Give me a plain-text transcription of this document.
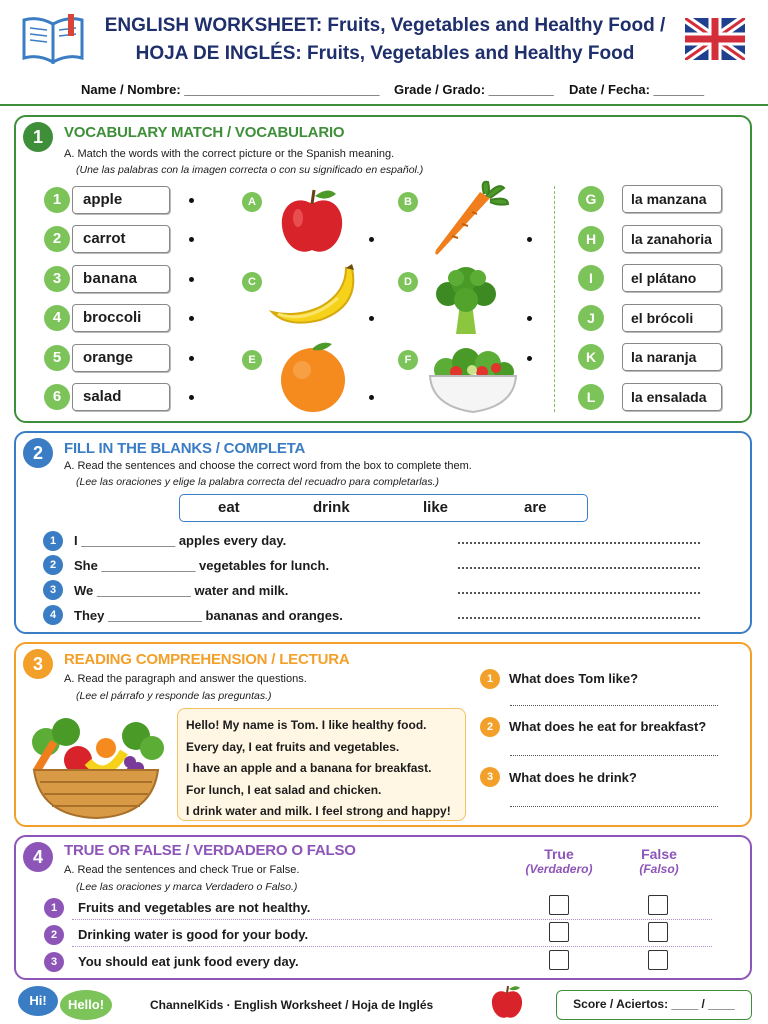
ENGLISH WORKSHEET: Fruits, Vegetables and Healthy Food /
HOJA DE INGLÉS: Fruits, Vegetables and Healthy Food
Name / Nombre: ___________________________ Grade / Grado: _________ Date / Fecha: _______
1	VOCABULARY MATCH / VOCABULARIO
A. Match the words with the correct picture or the Spanish meaning.
(Une las palabras con la imagen correcta o con su significado en español.)
1	apple
2	carrot
3	banana
4	broccoli
5	orange
6	salad
A	B
C	D
E	F
G	la manzana
H	la zanahoria
I	el plátano
J	el brócoli
K	la naranja
L	la ensalada
2	FILL IN THE BLANKS / COMPLETA
A. Read the sentences and choose the correct word from the box to complete them.
(Lee las oraciones y elige la palabra correcta del recuadro para completarlas.)
eat	drink	like	are
1	I _____________ apples every day.
2	She _____________ vegetables for lunch.
3	We _____________ water and milk.
4	They _____________ bananas and oranges.
3	READING COMPREHENSION / LECTURA
A. Read the paragraph and answer the questions.
(Lee el párrafo y responde las preguntas.)
Hello! My name is Tom. I like healthy food.
Every day, I eat fruits and vegetables.
I have an apple and a banana for breakfast.
For lunch, I eat salad and chicken.
I drink water and milk. I feel strong and happy!
1	What does Tom like?
2	What does he eat for breakfast?
3	What does he drink?
4	TRUE OR FALSE / VERDADERO O FALSO
A. Read the sentences and check True or False.
(Lee las oraciones y marca Verdadero o Falso.)
True
(Verdadero)
False
(Falso)
1	Fruits and vegetables are not healthy.
2	Drinking water is good for your body.
3	You should eat junk food every day.
Hi!	Hello!	ChannelKids · English Worksheet / Hoja de Inglés	Score / Aciertos: ____ / ____
